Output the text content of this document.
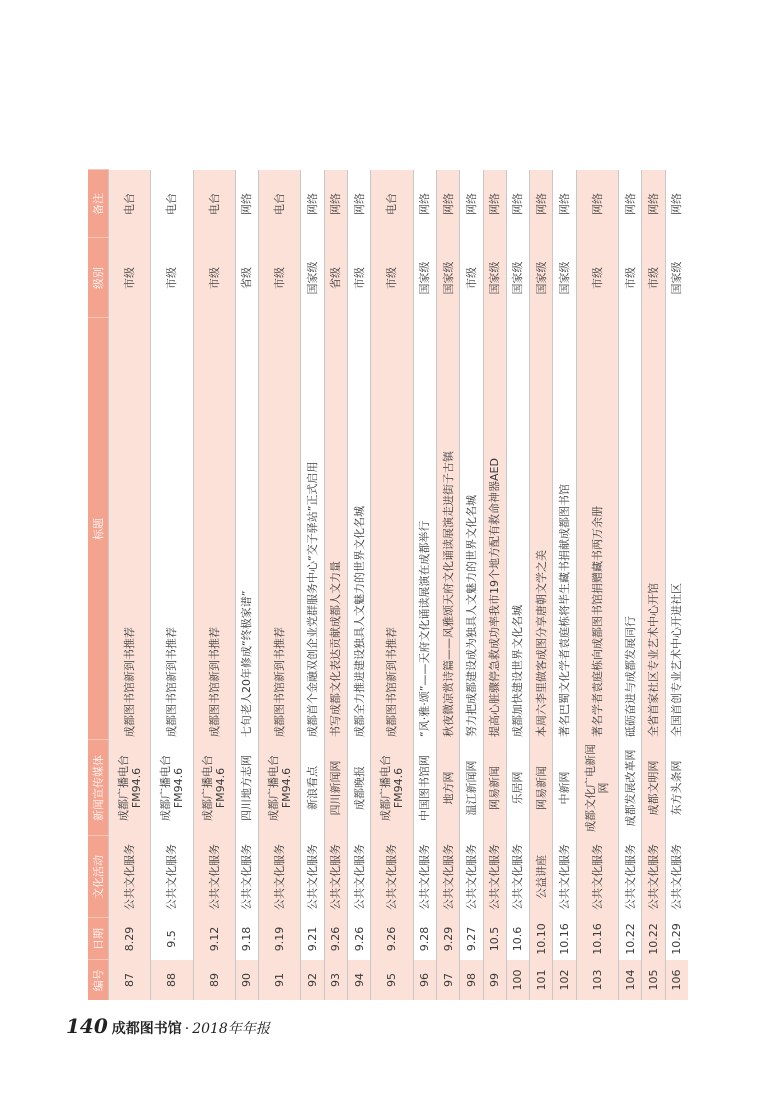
编号	日期	文化活动	新闻宣传媒体	标题	级别	备注
87	8.29	公共文化服务	成都广播电台
FM94.6	成都图书馆新到书推荐	市级	电台
88	9.5	公共文化服务	成都广播电台
FM94.6	成都图书馆新到书推荐	市级	电台
89	9.12	公共文化服务	成都广播电台
FM94.6	成都图书馆新到书推荐	市级	电台
90	9.18	公共文化服务	四川地方志网	七旬老人20年修成“终极家谱”	省级	网络
91	9.19	公共文化服务	成都广播电台
FM94.6	成都图书馆新到书推荐	市级	电台
92	9.21	公共文化服务	新浪看点	成都首个金融双创企业党群服务中心“交子驿站”正式启用	国家级	网络
93	9.26	公共文化服务	四川新闻网	书写成都文化表达贡献成都人文力量	省级	网络
94	9.26	公共文化服务	成都晚报	成都全力推进建设独具人文魅力的世界文化名城	市级	网络
95	9.26	公共文化服务	成都广播电台
FM94.6	成都图书馆新到书推荐	市级	电台
96	9.28	公共文化服务	中国图书馆网	“风·雅·颂”——天府文化诵读展演在成都举行	国家级	网络
97	9.29	公共文化服务	地方网	秋夜微凉赏诗篇——风雅颂天府文化诵读展演走进街子古镇	国家级	网络
98	9.27	公共文化服务	温江新闻网	努力把成都建设成为独具人文魅力的世界文化名城	市级	网络
99	10.5	公共文化服务	网易新闻	提高心脏骤停急救成功率我市19个地方配有救命神器AED	国家级	网络
100	10.6	公共文化服务	乐居网	成都加快建设世界文化名城	国家级	网络
101	10.10	公益讲座	网易新闻	本周六李里做客成图分享唐朝文学之美	国家级	网络
102	10.16	公共文化服务	中新网	著名巴蜀文化学者袁庭栋将毕生藏书捐献成都图书馆	国家级	网络
103	10.16	公共文化服务	成都文化广电新闻
网	著名学者袁庭栋向成都图书馆捐赠藏书两万余册	市级	网络
104	10.22	公共文化服务	成都发展改革网	砥砺奋进与成都发展同行	市级	网络
105	10.22	公共文化服务	成都文明网	全省首家社区专业艺术中心开馆	市级	网络
106	10.29	公共文化服务	东方头条网	全国首创专业艺术中心开进社区	国家级	网络
140 成都图书馆 · 2018年年报
